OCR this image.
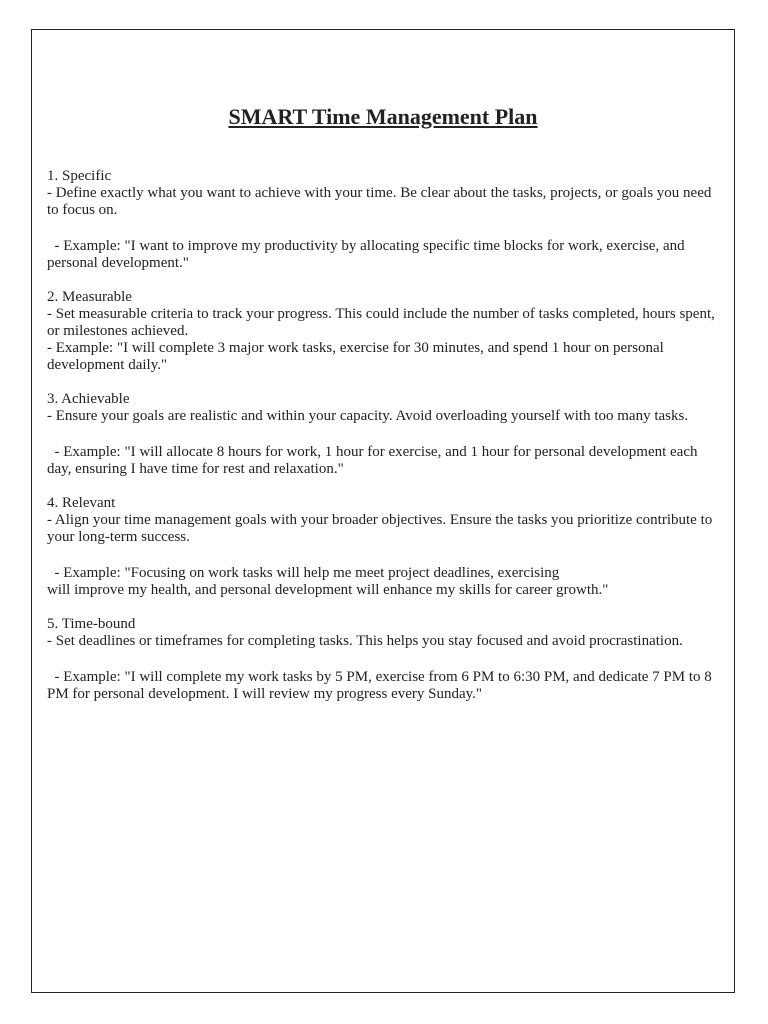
SMART Time Management Plan
1. Specific
- Define exactly what you want to achieve with your time. Be clear about the tasks, projects, or goals you need to focus on.
- Example: "I want to improve my productivity by allocating specific time blocks for work, exercise, and personal development."
2. Measurable
- Set measurable criteria to track your progress. This could include the number of tasks completed, hours spent, or milestones achieved.
- Example: "I will complete 3 major work tasks, exercise for 30 minutes, and spend 1 hour on personal development daily."
3. Achievable
- Ensure your goals are realistic and within your capacity. Avoid overloading yourself with too many tasks.
- Example: "I will allocate 8 hours for work, 1 hour for exercise, and 1 hour for personal development each day, ensuring I have time for rest and relaxation."
4. Relevant
- Align your time management goals with your broader objectives. Ensure the tasks you prioritize contribute to your long-term success.
- Example: "Focusing on work tasks will help me meet project deadlines, exercising
will improve my health, and personal development will enhance my skills for career growth."
5. Time-bound
- Set deadlines or timeframes for completing tasks. This helps you stay focused and avoid procrastination.
- Example: "I will complete my work tasks by 5 PM, exercise from 6 PM to 6:30 PM, and dedicate 7 PM to 8 PM for personal development. I will review my progress every Sunday."
